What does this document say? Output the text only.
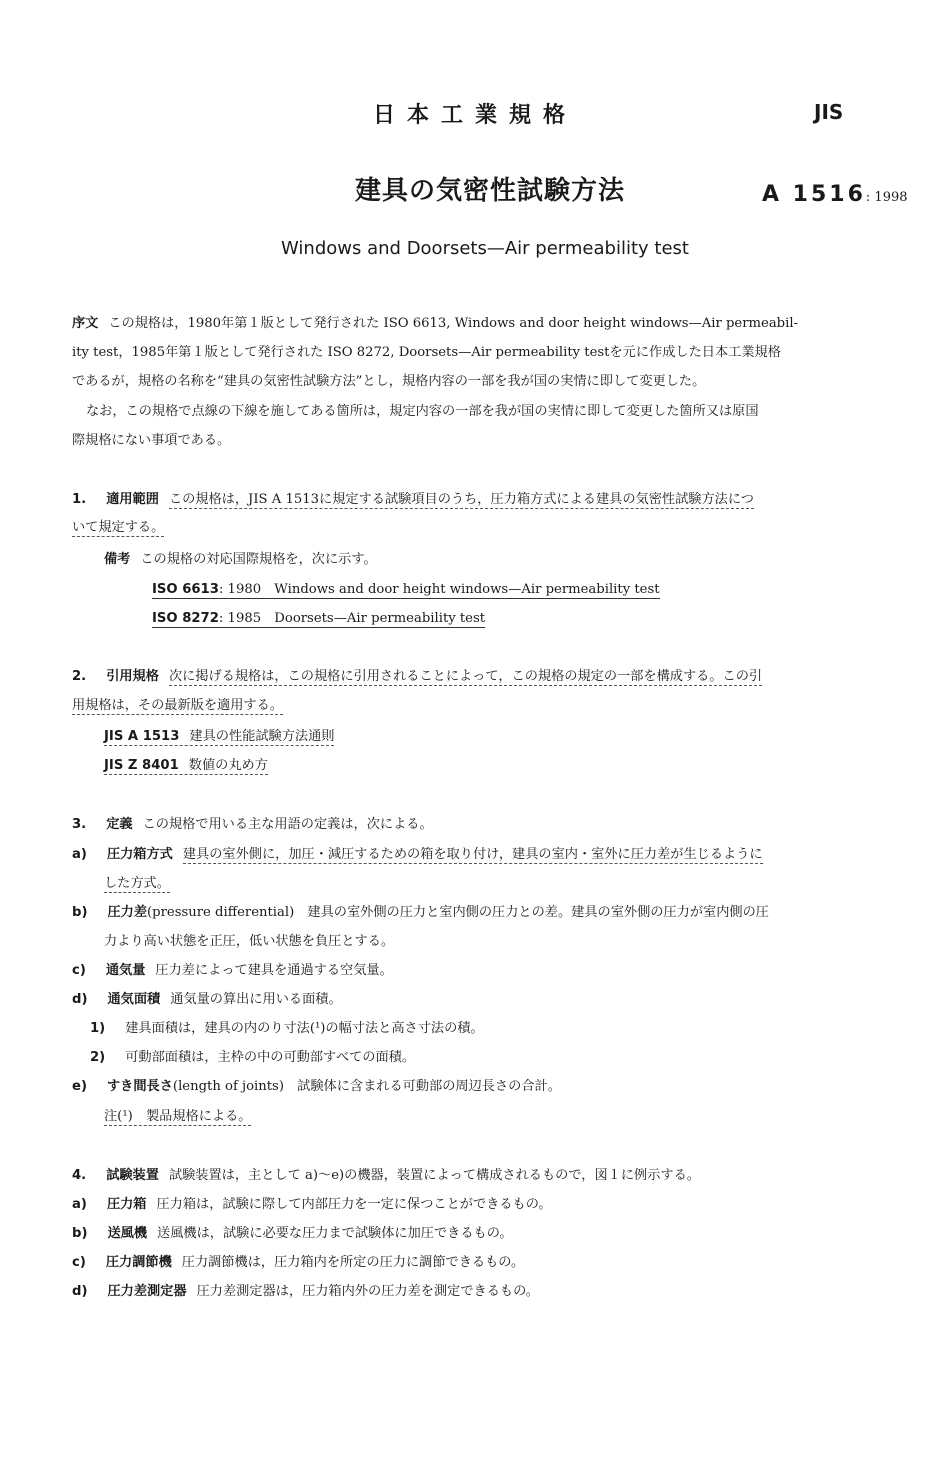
日本工業規格	JIS
建具の気密性試験方法	A 1516: 1998
Windows and Doorsets—Air permeability test
序文 この規格は，1980年第１版として発行された ISO 6613, Windows and door height windows—Air permeabil-
ity test，1985年第１版として発行された ISO 8272, Doorsets—Air permeability testを元に作成した日本工業規格
であるが，規格の名称を“建具の気密性試験方法”とし，規格内容の一部を我が国の実情に即して変更した。
なお，この規格で点線の下線を施してある箇所は，規定内容の一部を我が国の実情に即して変更した箇所又は原国
際規格にない事項である。
1. 適用範囲 この規格は，JIS A 1513に規定する試験項目のうち，圧力箱方式による建具の気密性試験方法につ
いて規定する。
備考 この規格の対応国際規格を，次に示す。
ISO 6613: 1980　Windows and door height windows—Air permeability test
ISO 8272: 1985　Doorsets—Air permeability test
2. 引用規格 次に掲げる規格は，この規格に引用されることによって，この規格の規定の一部を構成する。この引
用規格は，その最新版を適用する。
JIS A 1513 建具の性能試験方法通則
JIS Z 8401 数値の丸め方
3. 定義 この規格で用いる主な用語の定義は，次による。
a) 圧力箱方式 建具の室外側に，加圧・減圧するための箱を取り付け，建具の室内・室外に圧力差が生じるように
した方式。
b) 圧力差(pressure differential)　建具の室外側の圧力と室内側の圧力との差。建具の室外側の圧力が室内側の圧
力より高い状態を正圧，低い状態を負圧とする。
c) 通気量 圧力差によって建具を通過する空気量。
d) 通気面積 通気量の算出に用いる面積。
1) 建具面積は，建具の内のり寸法(¹)の幅寸法と高さ寸法の積。
2) 可動部面積は，主枠の中の可動部すべての面積。
e) すき間長さ(length of joints)　試験体に含まれる可動部の周辺長さの合計。
注(¹)　製品規格による。
4. 試験装置 試験装置は，主として a)～e)の機器，装置によって構成されるもので，図１に例示する。
a) 圧力箱 圧力箱は，試験に際して内部圧力を一定に保つことができるもの。
b) 送風機 送風機は，試験に必要な圧力まで試験体に加圧できるもの。
c) 圧力調節機 圧力調節機は，圧力箱内を所定の圧力に調節できるもの。
d) 圧力差測定器 圧力差測定器は，圧力箱内外の圧力差を測定できるもの。
